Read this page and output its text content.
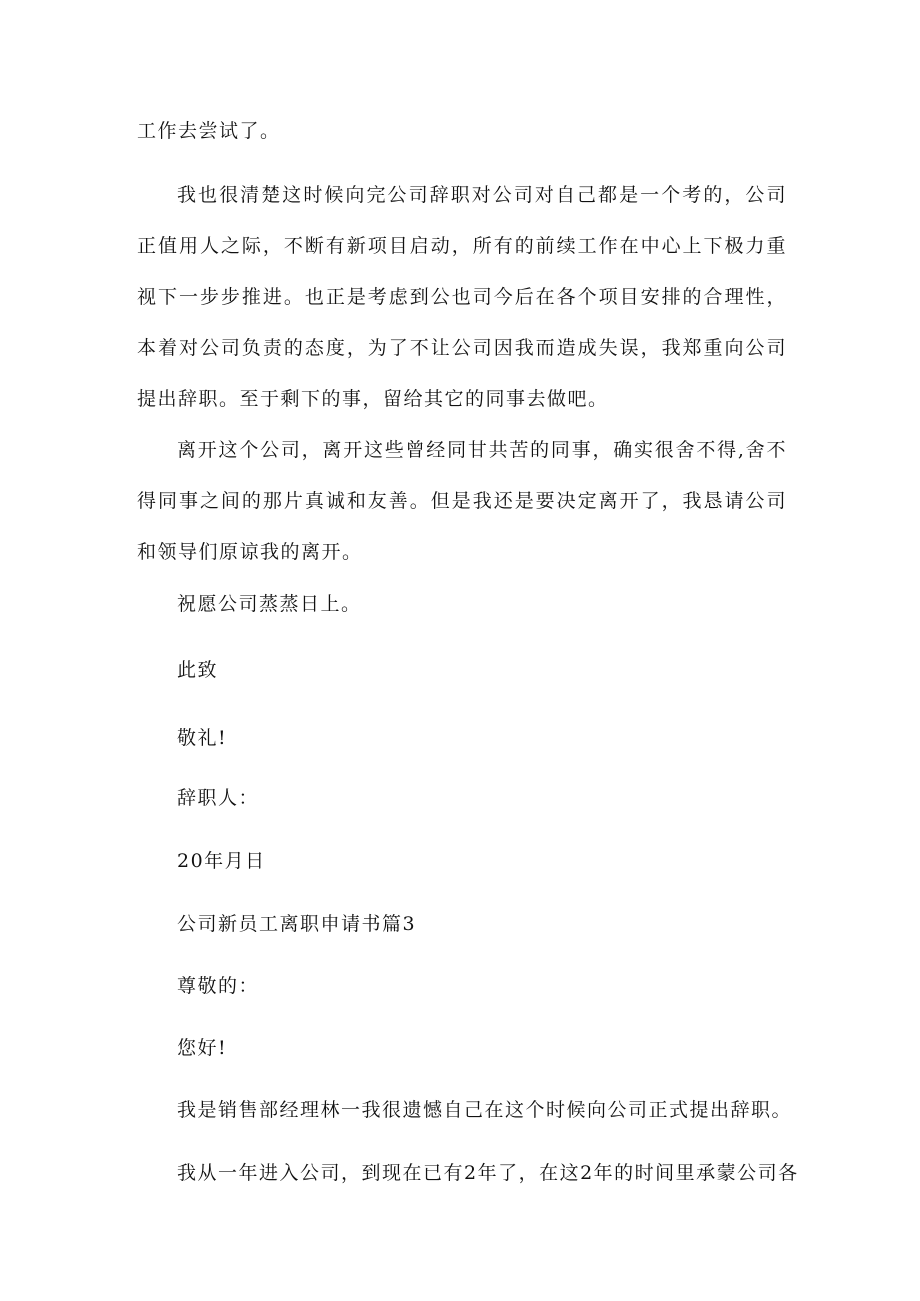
工作去尝试了。

我也很清楚这时候向完公司辞职对公司对自己都是一个考的，公司正值用人之际，不断有新项目启动，所有的前续工作在中心上下极力重视下一步步推进。也正是考虑到公也司今后在各个项目安排的合理性，本着对公司负责的态度，为了不让公司因我而造成失误，我郑重向公司提出辞职。至于剩下的事，留给其它的同事去做吧。

离开这个公司，离开这些曾经同甘共苦的同事，确实很舍不得,舍不得同事之间的那片真诚和友善。但是我还是要决定离开了，我恳请公司和领导们原谅我的离开。

祝愿公司蒸蒸日上。

此致

敬礼!

辞职人：

20年月日

公司新员工离职申请书篇3

尊敬的：

您好!

我是销售部经理林一我很遗憾自己在这个时候向公司正式提出辞职。

我从一年进入公司，到现在已有2年了，在这2年的时间里承蒙公司各
